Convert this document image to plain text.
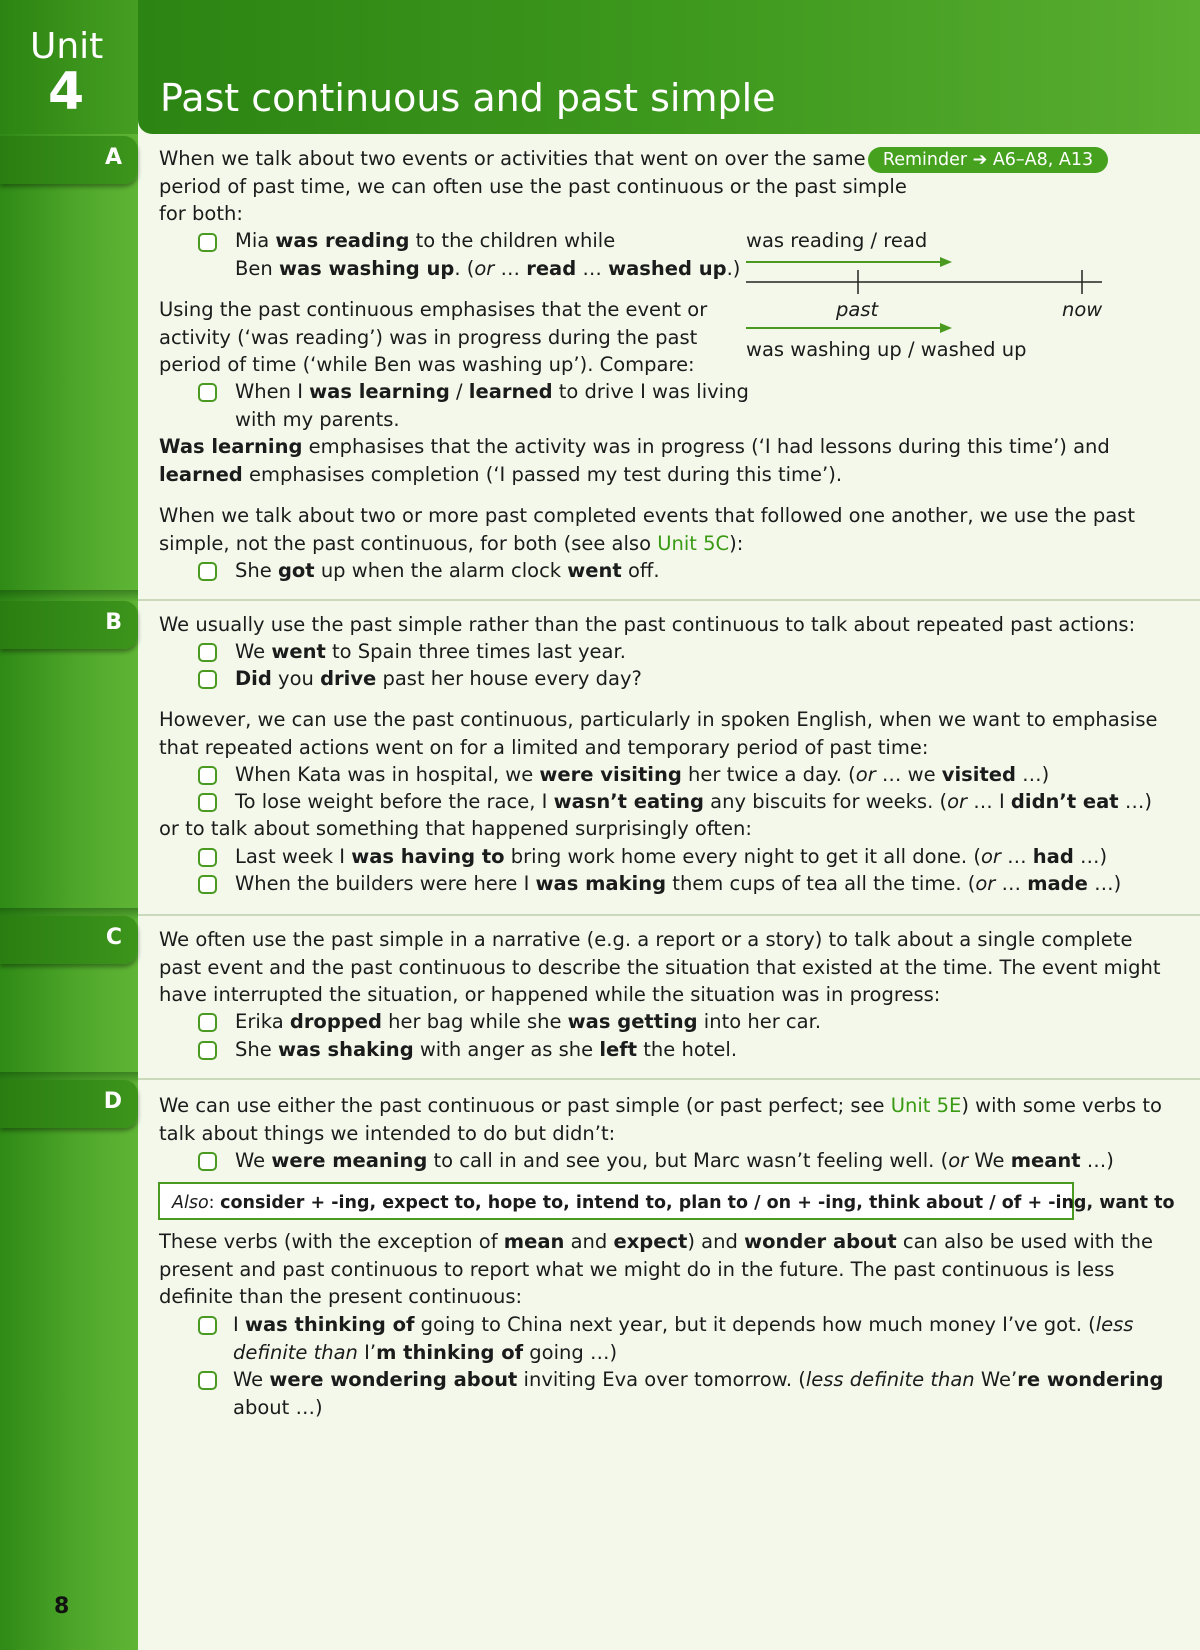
Unit
4 Past continuous and past simple
Reminder ➔ A6–A8, A13
A
B
C
D
When we talk about two events or activities that went on over the same
period of past time, we can often use the past continuous or the past simple
for both:
Mia was reading to the children while
Ben was washing up. (or … read … washed up.)
was reading / read
past	now
was washing up / washed up
Using the past continuous emphasises that the event or
activity (‘was reading’) was in progress during the past
period of time (‘while Ben was washing up’). Compare:
When I was learning / learned to drive I was living
with my parents.
Was learning emphasises that the activity was in progress (‘I had lessons during this time’) and
learned emphasises completion (‘I passed my test during this time’).
When we talk about two or more past completed events that followed one another, we use the past
simple, not the past continuous, for both (see also Unit 5C):
She got up when the alarm clock went off.
We usually use the past simple rather than the past continuous to talk about repeated past actions:
We went to Spain three times last year.
Did you drive past her house every day?
However, we can use the past continuous, particularly in spoken English, when we want to emphasise
that repeated actions went on for a limited and temporary period of past time:
When Kata was in hospital, we were visiting her twice a day. (or … we visited …)
To lose weight before the race, I wasn’t eating any biscuits for weeks. (or … I didn’t eat …)
or to talk about something that happened surprisingly often:
Last week I was having to bring work home every night to get it all done. (or … had …)
When the builders were here I was making them cups of tea all the time. (or … made …)
We often use the past simple in a narrative (e.g. a report or a story) to talk about a single complete
past event and the past continuous to describe the situation that existed at the time. The event might
have interrupted the situation, or happened while the situation was in progress:
Erika dropped her bag while she was getting into her car.
She was shaking with anger as she left the hotel.
We can use either the past continuous or past simple (or past perfect; see Unit 5E) with some verbs to
talk about things we intended to do but didn’t:
We were meaning to call in and see you, but Marc wasn’t feeling well. (or We meant …)
Also: consider + -ing, expect to, hope to, intend to, plan to / on + -ing, think about / of + -ing, want to
These verbs (with the exception of mean and expect) and wonder about can also be used with the
present and past continuous to report what we might do in the future. The past continuous is less
definite than the present continuous:
I was thinking of going to China next year, but it depends how much money I’ve got. (less
definite than I’m thinking of going …)
We were wondering about inviting Eva over tomorrow. (less definite than We’re wondering
about …)
8
